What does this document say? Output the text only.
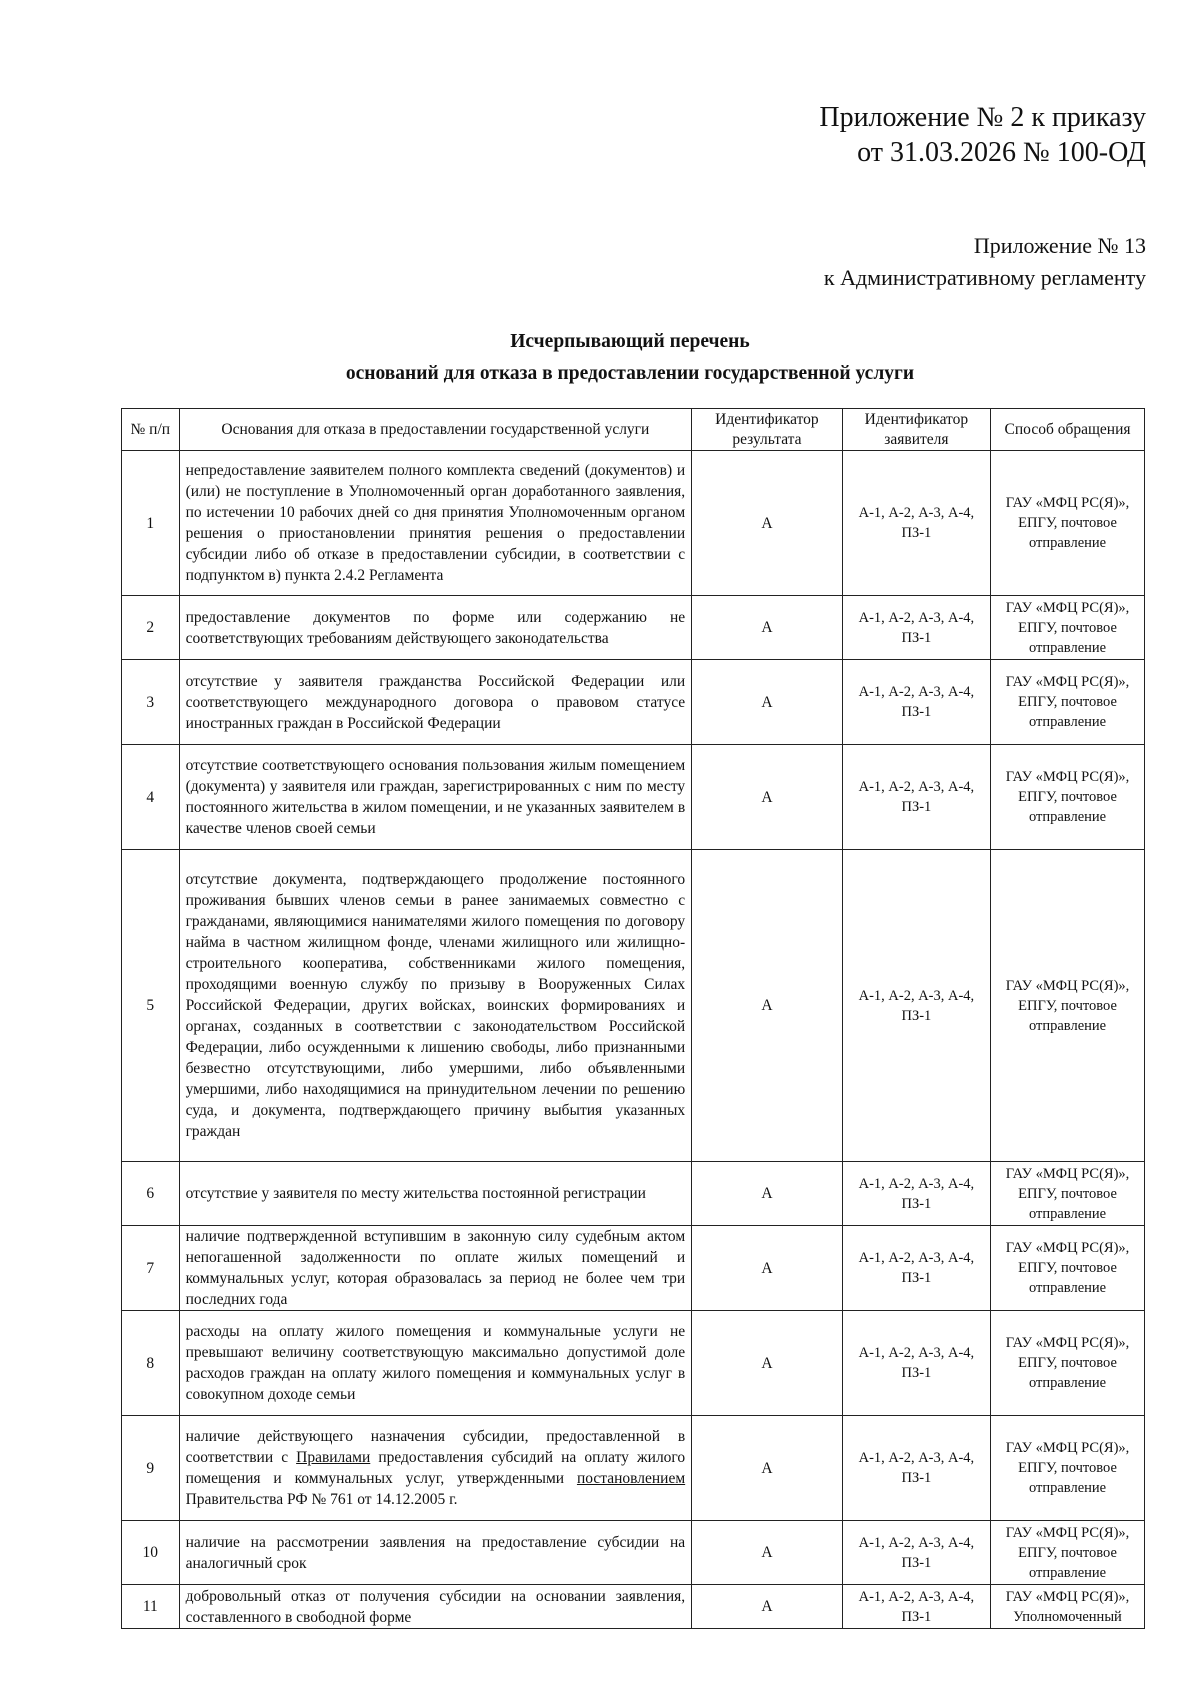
Приложение № 2 к приказу
от 31.03.2026 № 100-ОД
Приложение № 13
к Административному регламенту
Исчерпывающий перечень
оснований для отказа в предоставлении государственной услуги
№ п/п	Основания для отказа в предоставлении государственной услуги	Идентификатор результата	Идентификатор заявителя	Способ обращения
1	непредоставление заявителем полного комплекта сведений (документов) и (или) не поступление в Уполномоченный орган доработанного заявления, по истечении 10 рабочих дней со дня принятия Уполномоченным органом решения о приостановлении принятия решения о предоставлении субсидии либо об отказе в предоставлении субсидии, в соответствии с подпунктом в) пункта 2.4.2 Регламента	А	А-1, А-2, А-3, А-4, ПЗ-1	ГАУ «МФЦ РС(Я)», ЕПГУ, почтовое отправление
2	предоставление документов по форме или содержанию не соответствующих требованиям действующего законодательства	А	А-1, А-2, А-3, А-4, ПЗ-1	ГАУ «МФЦ РС(Я)», ЕПГУ, почтовое отправление
3	отсутствие у заявителя гражданства Российской Федерации или соответствующего международного договора о правовом статусе иностранных граждан в Российской Федерации	А	А-1, А-2, А-3, А-4, ПЗ-1	ГАУ «МФЦ РС(Я)», ЕПГУ, почтовое отправление
4	отсутствие соответствующего основания пользования жилым помещением (документа) у заявителя или граждан, зарегистрированных с ним по месту постоянного жительства в жилом помещении, и не указанных заявителем в качестве членов своей семьи	А	А-1, А-2, А-3, А-4, ПЗ-1	ГАУ «МФЦ РС(Я)», ЕПГУ, почтовое отправление
5	отсутствие документа, подтверждающего продолжение постоянного проживания бывших членов семьи в ранее занимаемых совместно с гражданами, являющимися нанимателями жилого помещения по договору найма в частном жилищном фонде, членами жилищного или жилищно-строительного кооператива, собственниками жилого помещения, проходящими военную службу по призыву в Вооруженных Силах Российской Федерации, других войсках, воинских формированиях и органах, созданных в соответствии с законодательством Российской Федерации, либо осужденными к лишению свободы, либо признанными безвестно отсутствующими, либо умершими, либо объявленными умершими, либо находящимися на принудительном лечении по решению суда, и документа, подтверждающего причину выбытия указанных граждан	А	А-1, А-2, А-3, А-4, ПЗ-1	ГАУ «МФЦ РС(Я)», ЕПГУ, почтовое отправление
6	отсутствие у заявителя по месту жительства постоянной регистрации	А	А-1, А-2, А-3, А-4, ПЗ-1	ГАУ «МФЦ РС(Я)», ЕПГУ, почтовое отправление
7	наличие подтвержденной вступившим в законную силу судебным актом непогашенной задолженности по оплате жилых помещений и коммунальных услуг, которая образовалась за период не более чем три последних года	А	А-1, А-2, А-3, А-4, ПЗ-1	ГАУ «МФЦ РС(Я)», ЕПГУ, почтовое отправление
8	расходы на оплату жилого помещения и коммунальные услуги не превышают величину соответствующую максимально допустимой доле расходов граждан на оплату жилого помещения и коммунальных услуг в совокупном доходе семьи	А	А-1, А-2, А-3, А-4, ПЗ-1	ГАУ «МФЦ РС(Я)», ЕПГУ, почтовое отправление
9	наличие действующего назначения субсидии, предоставленной в соответствии с Правилами предоставления субсидий на оплату жилого помещения и коммунальных услуг, утвержденными постановлением Правительства РФ № 761 от 14.12.2005 г.	А	А-1, А-2, А-3, А-4, ПЗ-1	ГАУ «МФЦ РС(Я)», ЕПГУ, почтовое отправление
10	наличие на рассмотрении заявления на предоставление субсидии на аналогичный срок	А	А-1, А-2, А-3, А-4, ПЗ-1	ГАУ «МФЦ РС(Я)», ЕПГУ, почтовое отправление
11	добровольный отказ от получения субсидии на основании заявления, составленного в свободной форме	А	А-1, А-2, А-3, А-4, ПЗ-1	ГАУ «МФЦ РС(Я)», Уполномоченный
